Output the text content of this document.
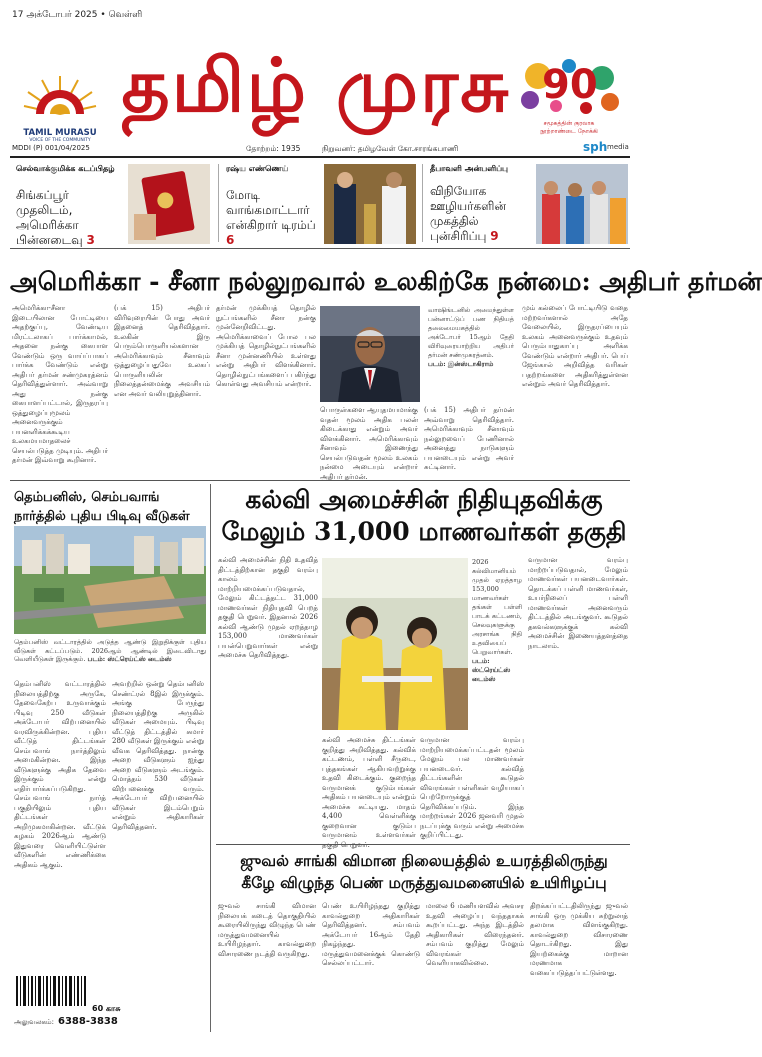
17 அக்டோபர் 2025 • வெள்ளி
TAMIL MURASU
VOICE OF THE COMMUNITY
தமிழ் முரசு 90
சமூகத்தின் குரலாக
நூற்றாண்டை நோக்கி
MDDI (P) 001/04/2025	தோற்றம்: 1935	நிறுவனர்: தமிழவேள் கோ.சாரங்கபாணி	sph media
செல்வாக்குமிக்க கடப்பிதழ்
சிங்கப்பூர் முதலிடம், அமெரிக்கா பின்னடைவு 3
ரஷ்ய எண்ணெய்
மோடி வாங்கமாட்டார் என்கிறார் டிரம்ப் 6
தீபாவளி அன்பளிப்பு
விநியோக ஊழியர்களின் முகத்தில் புன்சிரிப்பு 9
அமெரிக்கா - சீனா நல்லுறவால் உலகிற்கே நன்மை: அதிபர் தர்மன்
அமெரிக்கா-சீனா இடையிலான போட்டியை அதற்குப்பு, வேண்டிய மிரட்டலாகப் பார்க்காமல், அதனை நன்கு கையாள வேண்டும் ஒரு வாய்ப்பாகப் பார்க்க வேண்டும் என்று அதிபர் தர்மன் சண்முகரத்னம் தெரிவித்துள்ளார். அவ்வாறு அது நன்கு கையாளப்பட்டால், இருதரப்பு ஒத்துழைப்புமூலம் அனைவருக்கும் பயனளிக்கக்கூடிய உலகமயமாதலைச் செயல்படுத்த முடியும். அதிபர் தர்மன் இவ்வாறு கூறினார்.
(பக் 15) அதிபர் விரிவுரையின் போது அவர் இதனைத் தெரிவித்தார். உலகின் இரு பெரும்பொருளியல்களான அமெரிக்காவும் சீனாவும் ஒத்துழைப்பதுவே உலகப் பொருளியலின் நிலைத்தன்மைக்கு அவசியம் என அவர் வலியுறுத்தினார்.
தர்மன் முக்கியத் தொழில் நுட்பங்களில் சீனா நன்கு முன்னேறிவிட்டது. அமெரிக்காவைப் போல பல முக்கியத் தொழில்நுட்பங்களில் சீனா முன்னணியில் உள்ளது என்று அதிபர் விளக்கினார். தொழில்நுட்பங்களைப் பகிர்ந்து கொள்வது அவசியம் என்றார்.
வாஷிங்டனில் அமைந்துள்ள பன்னாட்டுப் பண நிதியத் தலைமையகத்தில் அக்டோபர் 15ஆம் தேதி விரிவுரையாற்றிய அதிபர் தர்மன் சண்முகரத்னம்.
படம்: இன்ஸ்டாகிராம்
பொருள்களை ஆயுதமயமாக்கு வதன் மூலம் அதிக பலன் கிடைக்காது என்றும் அவர் விளக்கினார். அமெரிக்காவும் சீனாவும் இணைந்து செயல்படுவதன் மூலம் உலகம் நன்மை அடையும் என்றார் அதிபர் தர்மன்.
(பக் 15) அதிபர் தர்மன் அவ்வாறு தெரிவித்தார். அமெரிக்காவும் சீனாவும் நல்லுறவைப் பேணினால் அனைத்து நாடுகளும் பயனடையும் என்று அவர் சுட்டினார்.
மும் கல்லைப் போட்டியிடு வதை மற்றவர்களால் அதே வேலையில், இருதரப்பையும் உலகம் அனைவருக்கும் உதவும் பெரும்பாதுகாப்பு அளிக்க வேண்டும் என்றார் அதிபர். பெய் ஜேங்கால் அறிவித்த வரிகள் பதற்றங்களை அதிகரித்துள்ளன என்றும் அவர் தெரிவித்தார்.
தெம்பனிஸ், செம்பவாங் நார்த்தில் புதிய பிடிவு வீடுகள்
தெம்பனிஸ் வட்டாரத்தில் அடுத்த ஆண்டு இறுதிக்குள் புதிய வீடுகள் கட்டப்படும். 2026ஆம் ஆண்டில் இடைவிடாது வெளியீடுகள் இருக்கும். படம்: ஸ்ட்ரெய்ட்ஸ் டைம்ஸ்
தெம்பனிஸ் வட்டாரத்தில் நிலையத்திற்கு அருகே, தேவைகேற்ப உருவாக்கும் பிடிவு 250 வீடுகள் அக்டோபர் விற்பனையில் வரவிருக்கின்றன. புதிய வீட்டுத் திட்டங்கள் செம்பவாங் நார்த்திலும் அமைகின்றன. இந்த வீடுகளுக்கு அதிக தேவை இருக்கும் என்று எதிர்பார்க்கப்படுகிறது. செம்பவாங் நார்த் பகுதியிலும் புதிய திட்டங்கள் அறிமுகமாகின்றன. வீட்டுக் கழகம் 2026ஆம் ஆண்டு இதுவரை வெளியிட்டுள்ள வீடுகளின் எண்ணிக்கை அதிகம் ஆகும்.
அவற்றில் ஒன்று தெம்பனிஸ் செண்ட்ரல் 8இல் இருக்கும். அங்கு பேருந்து நிலையத்திற்கு அருகில் வீடுகள் அமையும். பிடிவு வீட்டுத் திட்டத்தில் சுமார் 280 வீடுகள் இருக்கும் என்று வீவக தெரிவித்தது. நான்கு அறை வீடுகளும் ஐந்து அறை வீடுகளும் அடங்கும். மொத்தம் 530 வீடுகள் விற்பனைக்கு வரும். அக்டோபர் விற்பனையில் வீடுகள் இடம்பெறும் என்றும் அதிகாரிகள் தெரிவித்தனர்.
60 காசு
அலுவலகம்: 6388-3838
கல்வி அமைச்சின் நிதியுதவிக்கு
மேலும் 31,000 மாணவர்கள் தகுதி
கல்வி அமைச்சின் நிதி உதவித் திட்டத்திற்கான தகுதி வரம்பு காலம் மாற்றியமைக்கப்படுவதால், மேலும் கிட்டத்தட்ட 31,000 மாணவர்கள் நிதியுதவி பெறத் தகுதி பெறுவர். இதனால் 2026 கல்வி ஆண்டு முதல் ஏறத்தாழ 153,000 மாணவர்கள் பயன்பெறுவார்கள் என்று அமைச்சு தெரிவித்தது.
2026 கல்விமானியம் முதல் ஏறத்தாழ 153,000 மாணவர்கள் தங்கள் பள்ளி பாடக் கட்டணம், செலவுகளுக்கு அரசாங்க நிதி உதவியைப் பெறுவார்கள். படம்: ஸ்ட்ரெய்ட்ஸ் டைம்ஸ்
கல்வி அமைச்சு திட்டங்கள் குறித்து அறிவித்தது. கல்விக் கட்டணம், பள்ளி சீருடை, புத்தகங்கள் ஆகியவற்றுக்கு உதவி கிடைக்கும். குறைந்த வருமானக் குடும்பங்கள் அதிகம் பயனடையும் என்றும் அமைச்சு சுட்டியது. மாதம் 4,400 வெள்ளிக்கு குறைவான குடும்ப வருமானம் உள்ளவர்கள்
வருமான வரம்பு மாற்றியமைக்கப்பட்டதன் மூலம் மேலும் பல மாணவர்கள் பயனடைவர். கல்வித் திட்டங்களின் கூடுதல் விவரங்கள் பள்ளிகள் வழியாகப் பெற்றோருக்குத் தெரிவிக்கப்படும். இந்த மாற்றங்கள் 2026 ஜனவரி முதல் நடப்புக்கு வரும் என்று அமைச்சு குறிப்பிட்டது.
வருமான வரம்பு மாற்றப்படுவதால், மேலும் மாணவர்கள் பயனடைவார்கள். தொடக்கப் பள்ளி மாணவர்கள், உயர்நிலைப் பள்ளி மாணவர்கள் அனைவரும் திட்டத்தில் அடங்குவர். கூடுதல் தகவல்களுக்குக் கல்வி அமைச்சின் இணையத்தளத்தை நாடலாம்.
ஜுவல் சாங்கி விமான நிலையத்தில் உயரத்திலிருந்து
கீழே விழுந்த பெண் மருத்துவமனையில் உயிரிழப்பு
ஜுவல் சாங்கி விமான நிலையக் கடைத் தொகுதியில் கூரையிலிருந்து விழுந்த பெண் மருத்துவமனையில் உயிரிழந்தார். காவல்துறை விசாரணை நடத்தி வருகிறது.
பெண் உயிரிழந்தது குறித்து காவல்துறை அதிகாரிகள் தெரிவித்தனர். சம்பவம் அக்டோபர் 16ஆம் தேதி நிகழ்ந்தது. மருத்துவமனைக்குக் கொண்டு செல்லப்பட்டார்.
மாலை 6 மணியளவில் அவசர உதவி அழைப்பு வந்ததாகக் கூறப்பட்டது. அந்த இடத்தில் அதிகாரிகள் விரைந்தனர். சம்பவம் குறித்து மேலும் விவரங்கள் வெளியாகவில்லை.
திறக்கப்பட்டதிலிருந்து ஜுவல் சாங்கி ஒரு முக்கிய சுற்றுலாத் தலமாக விளங்குகிறது. காவல்துறை விசாரணை தொடர்கிறது. இது இயற்கைக்கு மாறான மரணமாக வகைப்படுத்தப்பட்டுள்ளது.
